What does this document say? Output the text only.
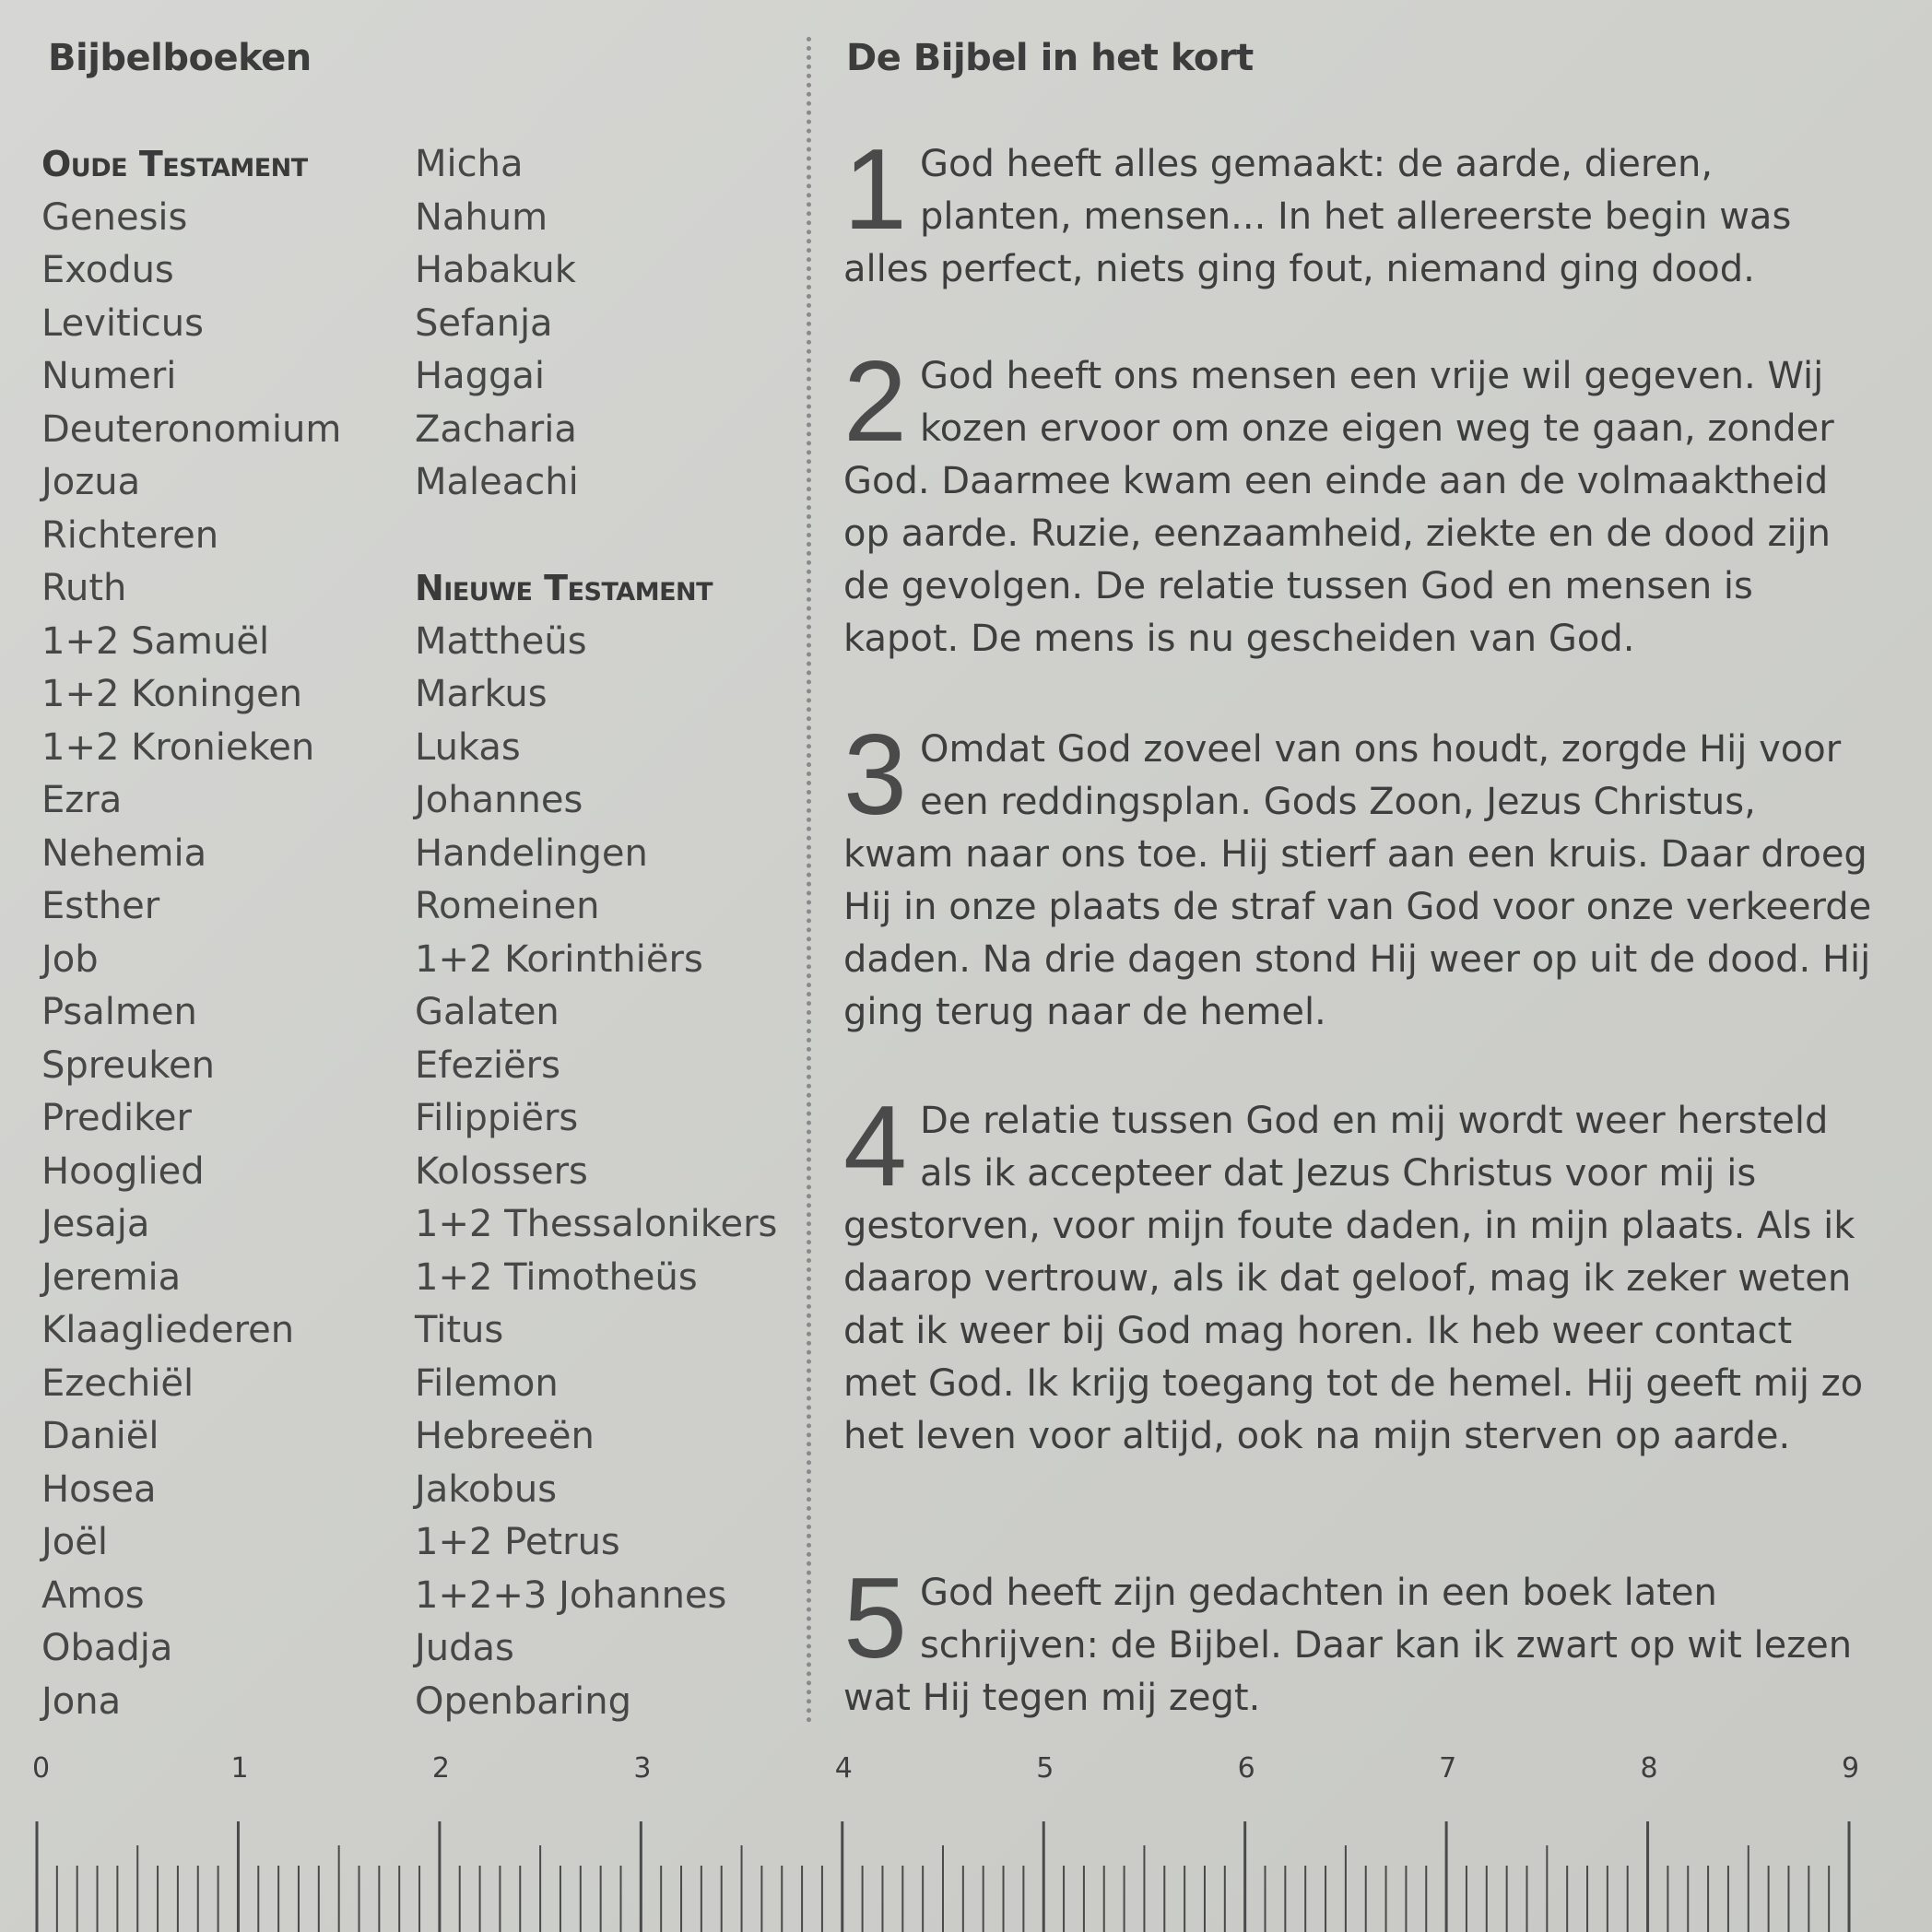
Bijbelboeken	De Bijbel in het kort
Oude Testament
Genesis
Exodus
Leviticus
Numeri
Deuteronomium
Jozua
Richteren
Ruth
1+2 Samuël
1+2 Koningen
1+2 Kronieken
Ezra
Nehemia
Esther
Job
Psalmen
Spreuken
Prediker
Hooglied
Jesaja
Jeremia
Klaagliederen
Ezechiël
Daniël
Hosea
Joël
Amos
Obadja
Jona
Micha
Nahum
Habakuk
Sefanja
Haggai
Zacharia
Maleachi
Nieuwe Testament
Mattheüs
Markus
Lukas
Johannes
Handelingen
Romeinen
1+2 Korinthiërs
Galaten
Efeziërs
Filippiërs
Kolossers
1+2 Thessalonikers
1+2 Timotheüs
Titus
Filemon
Hebreeën
Jakobus
1+2 Petrus
1+2+3 Johannes
Judas
Openbaring
1 God heeft alles gemaakt: de aarde, dieren, planten, mensen... In het allereerste begin was alles perfect, niets ging fout, niemand ging dood.
2 God heeft ons mensen een vrije wil gegeven. Wij kozen ervoor om onze eigen weg te gaan, zonder God. Daarmee kwam een einde aan de volmaaktheid op aarde. Ruzie, eenzaamheid, ziekte en de dood zijn de gevolgen. De relatie tussen God en mensen is kapot. De mens is nu gescheiden van God.
3 Omdat God zoveel van ons houdt, zorgde Hij voor een reddingsplan. Gods Zoon, Jezus Christus, kwam naar ons toe. Hij stierf aan een kruis. Daar droeg Hij in onze plaats de straf van God voor onze verkeerde daden. Na drie dagen stond Hij weer op uit de dood. Hij ging terug naar de hemel.
4 De relatie tussen God en mij wordt weer hersteld als ik accepteer dat Jezus Christus voor mij is gestorven, voor mijn foute daden, in mijn plaats. Als ik daarop vertrouw, als ik dat geloof, mag ik zeker weten dat ik weer bij God mag horen. Ik heb weer contact met God. Ik krijg toegang tot de hemel. Hij geeft mij zo het leven voor altijd, ook na mijn sterven op aarde.
5 God heeft zijn gedachten in een boek laten schrijven: de Bijbel. Daar kan ik zwart op wit lezen wat Hij tegen mij zegt.
0	1	2	3	4	5	6	7	8	9
